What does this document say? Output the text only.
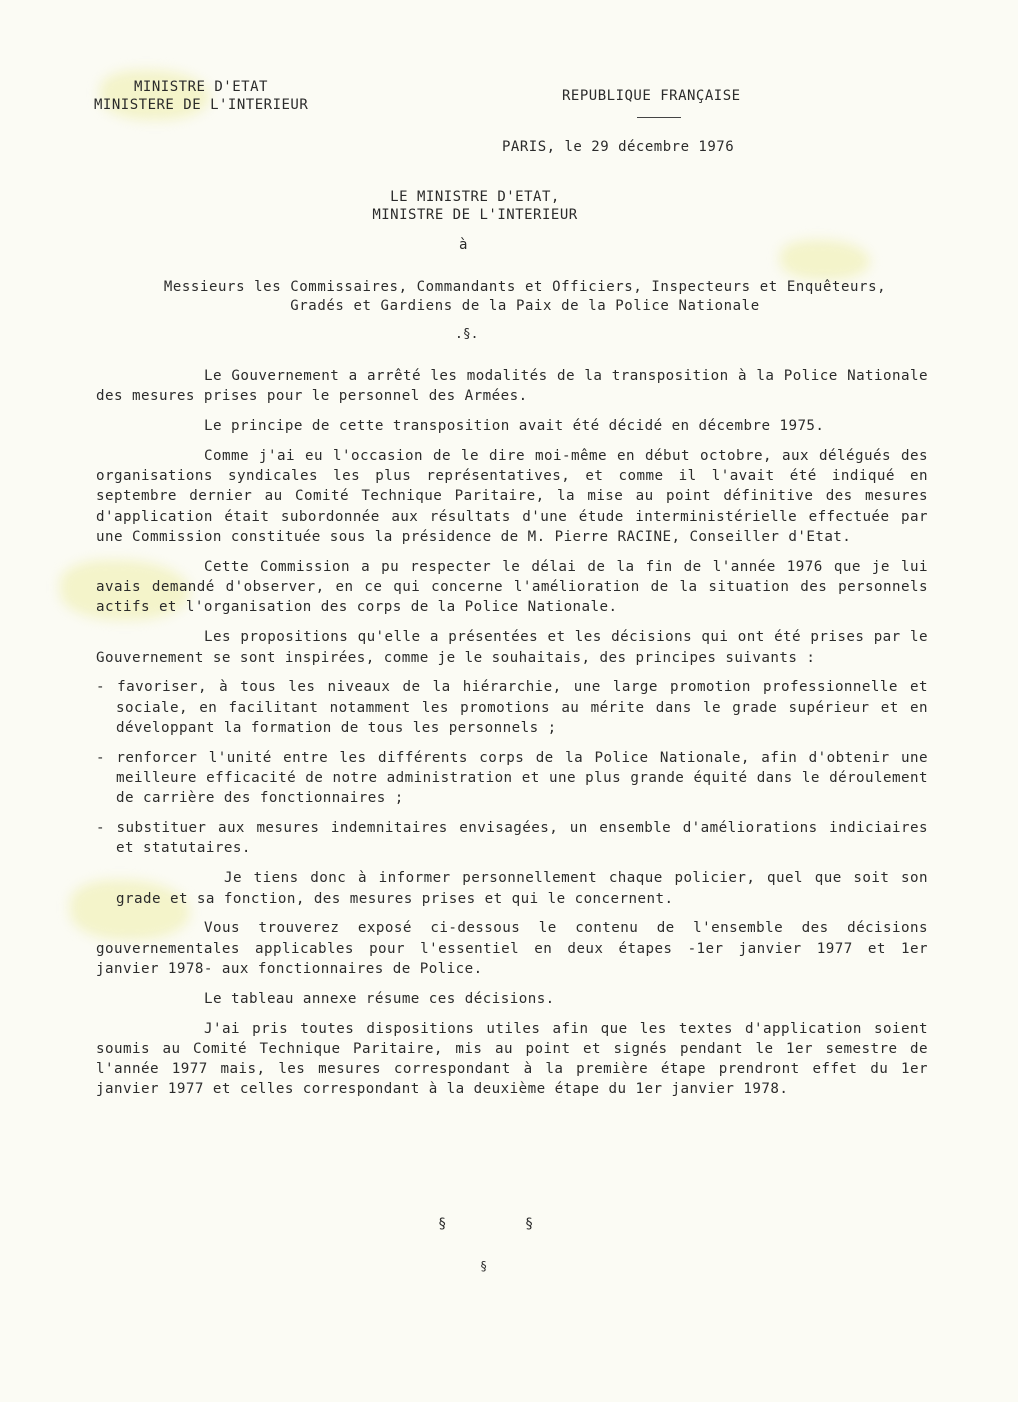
MINISTRE D'ETAT
MINISTERE DE L'INTERIEUR
REPUBLIQUE FRANÇAISE
PARIS, le 29 décembre 1976
LE MINISTRE D'ETAT,
MINISTRE DE L'INTERIEUR
à
Messieurs les Commissaires, Commandants et Officiers, Inspecteurs et Enquêteurs,
Gradés et Gardiens de la Paix de la Police Nationale
.§.

Le Gouvernement a arrêté les modalités de la transposition à la Police Nationale des mesures prises pour le personnel des Armées.

Le principe de cette transposition avait été décidé en décembre 1975.

Comme j'ai eu l'occasion de le dire moi-même en début octobre, aux délégués des organisations syndicales les plus représentatives, et comme il l'avait été indiqué en septembre dernier au Comité Technique Paritaire, la mise au point définitive des mesures d'application était subordonnée aux résultats d'une étude interministérielle effectuée par une Commission constituée sous la présidence de M. Pierre RACINE, Conseiller d'Etat.

Cette Commission a pu respecter le délai de la fin de l'année 1976 que je lui avais demandé d'observer, en ce qui concerne l'amélioration de la situation des personnels actifs et l'organisation des corps de la Police Nationale.

Les propositions qu'elle a présentées et les décisions qui ont été prises par le Gouvernement se sont inspirées, comme je le souhaitais, des principes suivants :

- favoriser, à tous les niveaux de la hiérarchie, une large promotion professionnelle et sociale, en facilitant notamment les promotions au mérite dans le grade supérieur et en développant la formation de tous les personnels ;

- renforcer l'unité entre les différents corps de la Police Nationale, afin d'obtenir une meilleure efficacité de notre administration et une plus grande équité dans le déroulement de carrière des fonctionnaires ;

- substituer aux mesures indemnitaires envisagées, un ensemble d'améliorations indiciaires et statutaires.

Je tiens donc à informer personnellement chaque policier, quel que soit son grade et sa fonction, des mesures prises et qui le concernent.

Vous trouverez exposé ci-dessous le contenu de l'ensemble des décisions gouvernementales applicables pour l'essentiel en deux étapes -1er janvier 1977 et 1er janvier 1978- aux fonctionnaires de Police.

Le tableau annexe résume ces décisions.

J'ai pris toutes dispositions utiles afin que les textes d'application soient soumis au Comité Technique Paritaire, mis au point et signés pendant le 1er semestre de l'année 1977 mais, les mesures correspondant à la première étape prendront effet du 1er janvier 1977 et celles correspondant à la deuxième étape du 1er janvier 1978.

§	§
§
